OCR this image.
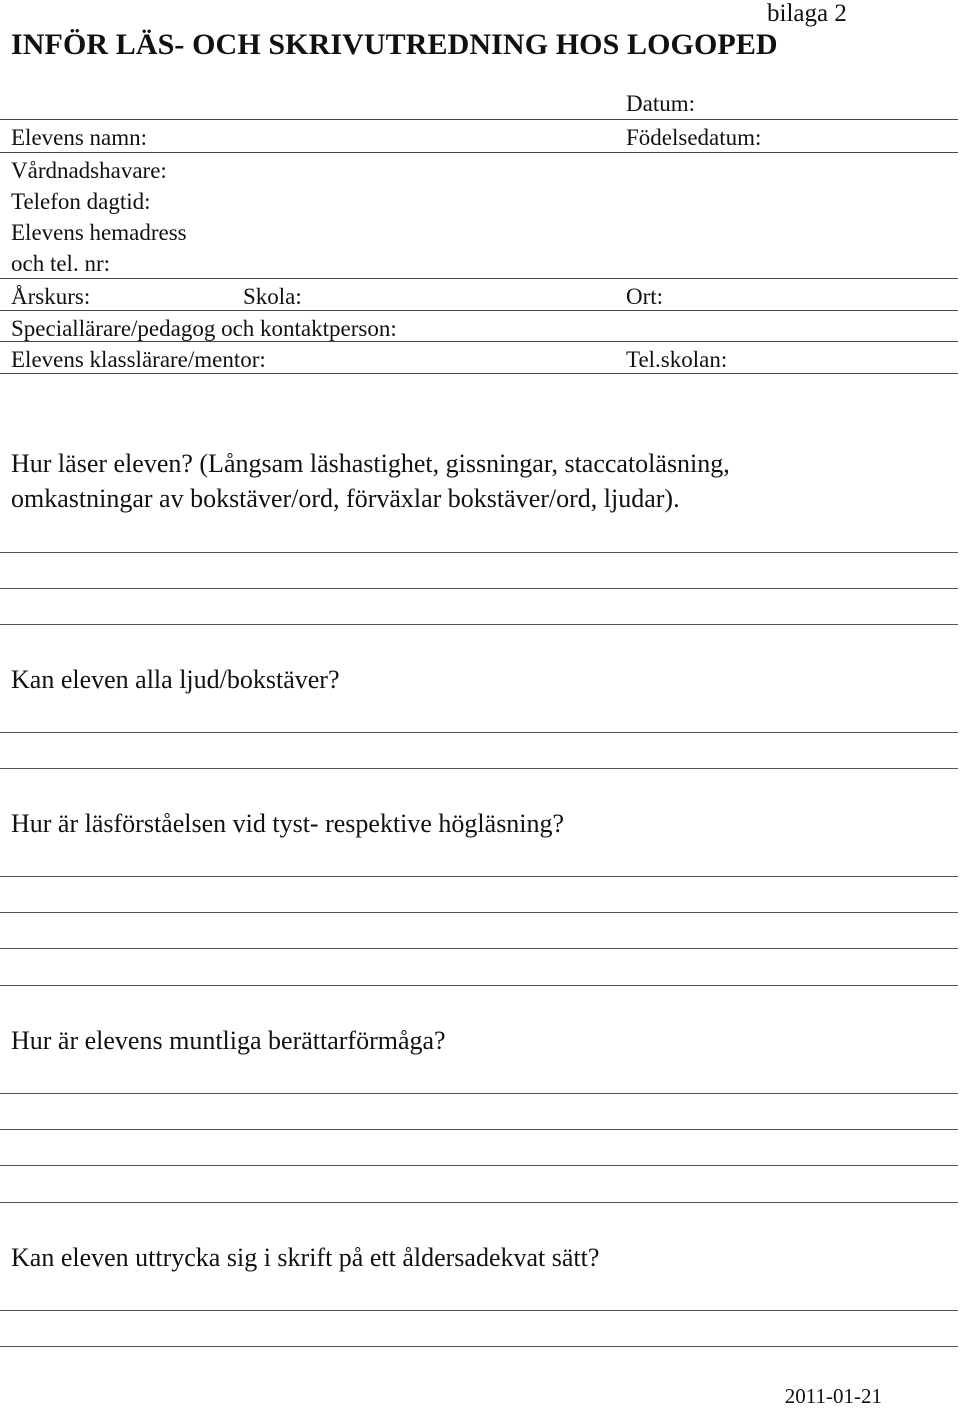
bilaga 2
INFÖR LÄS- OCH SKRIVUTREDNING HOS LOGOPED
Datum:
Elevens namn:	Födelsedatum:
Vårdnadshavare:
Telefon dagtid:
Elevens hemadress
och tel. nr:
Årskurs:	Skola:	Ort:
Speciallärare/pedagog och kontaktperson:
Elevens klasslärare/mentor:	Tel.skolan:
Hur läser eleven? (Långsam läshastighet, gissningar, staccatoläsning,
omkastningar av bokstäver/ord, förväxlar bokstäver/ord, ljudar).
Kan eleven alla ljud/bokstäver?
Hur är läsförståelsen vid tyst- respektive högläsning?
Hur är elevens muntliga berättarförmåga?
Kan eleven uttrycka sig i skrift på ett åldersadekvat sätt?
2011-01-21
